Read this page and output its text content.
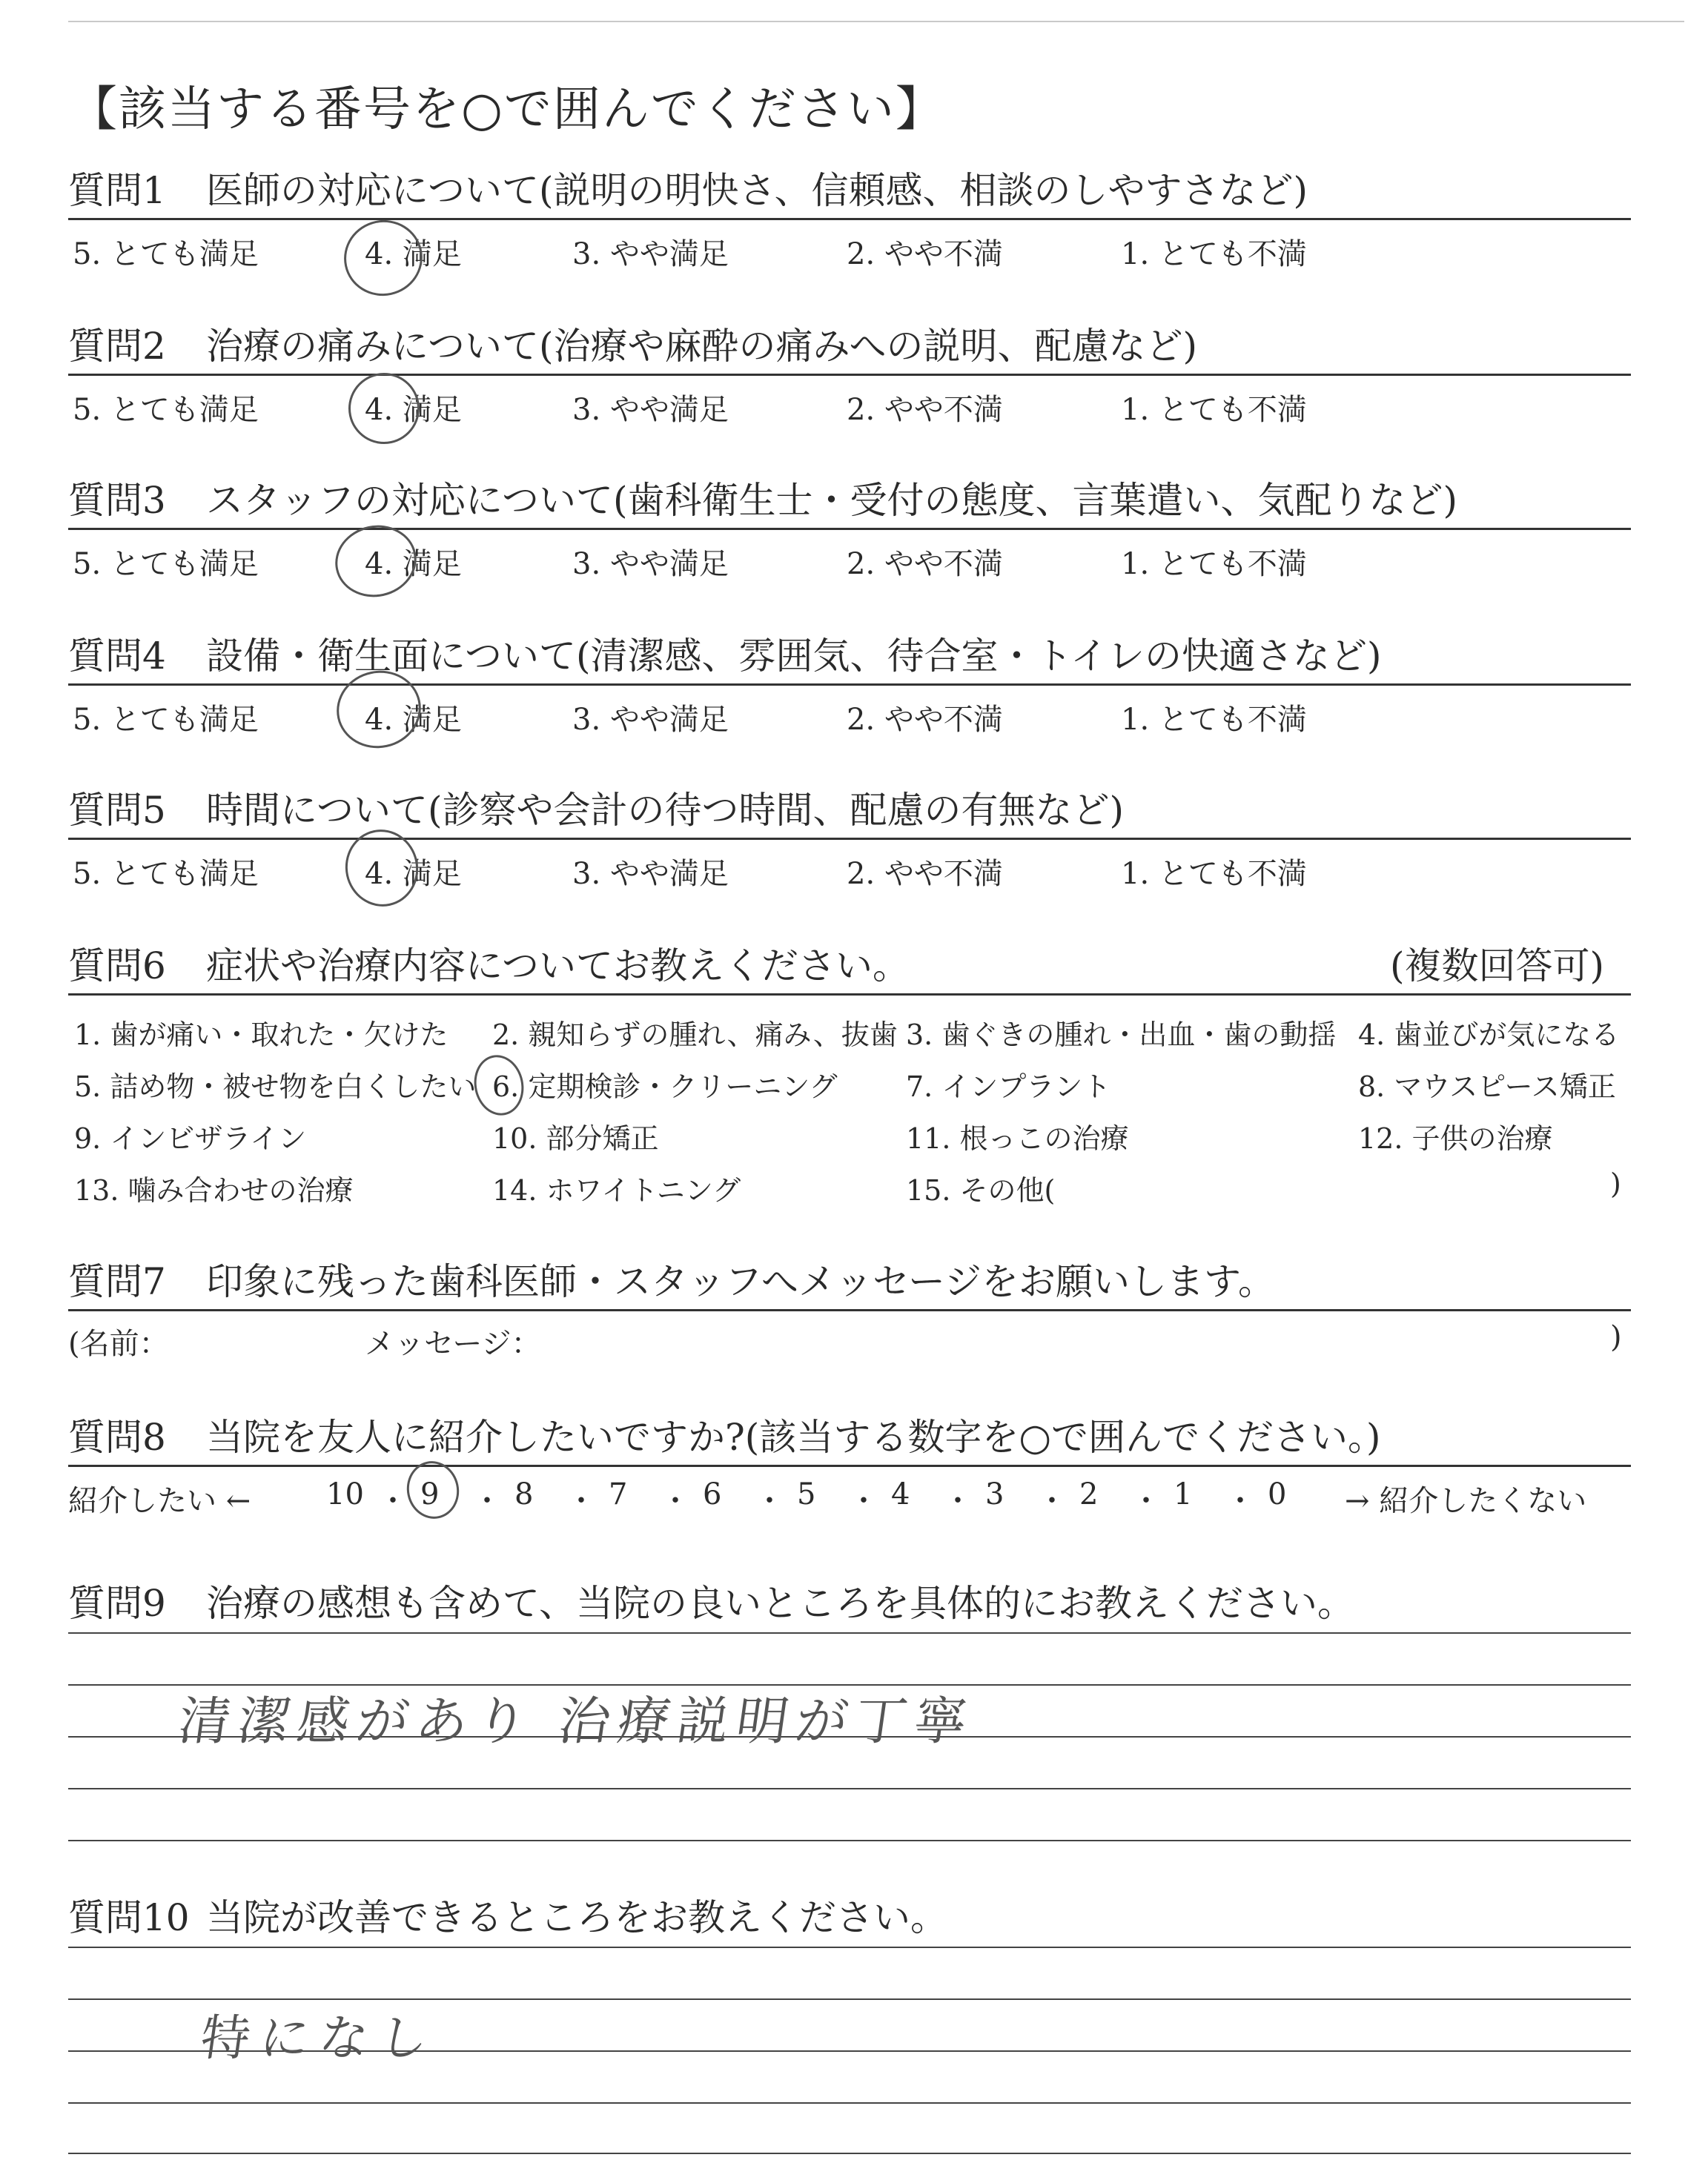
【該当する番号を○で囲んでください】
質問1 医師の対応について(説明の明快さ、信頼感、相談のしやすさなど)
5. とても満足	4. 満足	3. やや満足	2. やや不満	1. とても不満
質問2 治療の痛みについて(治療や麻酔の痛みへの説明、配慮など)
5. とても満足	4. 満足	3. やや満足	2. やや不満	1. とても不満
質問3 スタッフの対応について(歯科衛生士・受付の態度、言葉遣い、気配りなど)
5. とても満足	4. 満足	3. やや満足	2. やや不満	1. とても不満
質問4 設備・衛生面について(清潔感、雰囲気、待合室・トイレの快適さなど)
5. とても満足	4. 満足	3. やや満足	2. やや不満	1. とても不満
質問5 時間について(診察や会計の待つ時間、配慮の有無など)
5. とても満足	4. 満足	3. やや満足	2. やや不満	1. とても不満
質問6 症状や治療内容についてお教えください。	(複数回答可)
1. 歯が痛い・取れた・欠けた 2. 親知らずの腫れ、痛み、抜歯 3. 歯ぐきの腫れ・出血・歯の動揺 4. 歯並びが気になる
5. 詰め物・被せ物を白くしたい 6. 定期検診・クリーニング 7. インプラント	8. マウスピース矯正
9. インビザライン	10. 部分矯正	11. 根っこの治療	12. 子供の治療
13. 噛み合わせの治療	14. ホワイトニング	15. その他(	)
質問7 印象に残った歯科医師・スタッフへメッセージをお願いします。
(名前：	メッセージ：	)
質問8 当院を友人に紹介したいですか?(該当する数字を○で囲んでください。)
紹介したい ←	→ 紹介したくない
10 ・ 9 ・ 8 ・ 7 ・ 6 ・ 5 ・ 4 ・ 3 ・ 2 ・ 1 ・ 0
質問9 治療の感想も含めて、当院の良いところを具体的にお教えください。
清潔感があり 治療説明が丁寧
質問10 当院が改善できるところをお教えください。
特になし
